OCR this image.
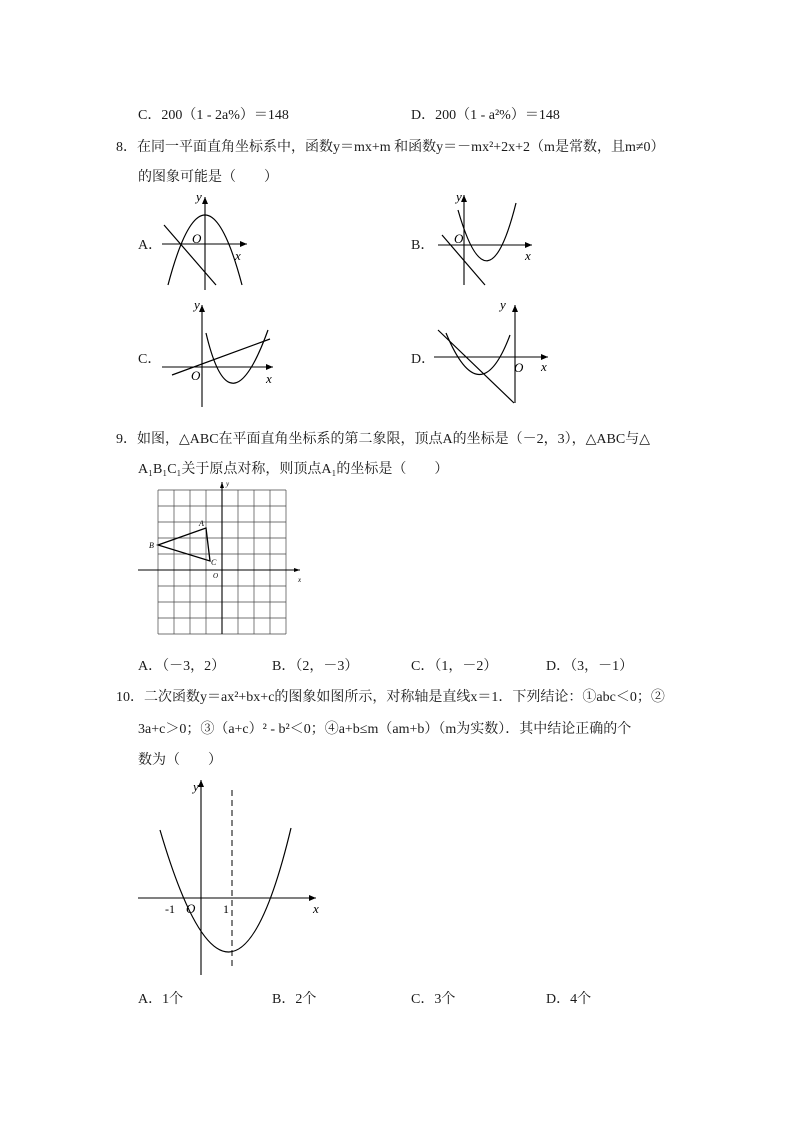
C．200（1 - 2a%）＝148	D．200（1 - a²%）＝148
8．在同一平面直角坐标系中，函数y＝mx+m 和函数y＝－mx²+2x+2（m是常数，且m≠0）
的图象可能是（　　）
A． O
x
y
B． O
x
y
C．
O	x
y
D．
O x
y
9．如图，△ABC在平面直角坐标系的第二象限，顶点A的坐标是（－2，3），△ABC与△
A₁B₁C₁关于原点对称，则顶点A₁的坐标是（　　）
A
B
C
O	x
y
A．（－3，2）	B．（2，－3）	C．（1，－2）	D．（3，－1）
10．二次函数y＝ax²+bx+c的图象如图所示，对称轴是直线x＝1．下列结论：①abc＜0；②
3a+c＞0；③（a+c）² - b²＜0；④a+b≤m（am+b）（m为实数）．其中结论正确的个
数为（　　）
y
x
-1 O 1
A．1个	B．2个	C．3个	D．4个
